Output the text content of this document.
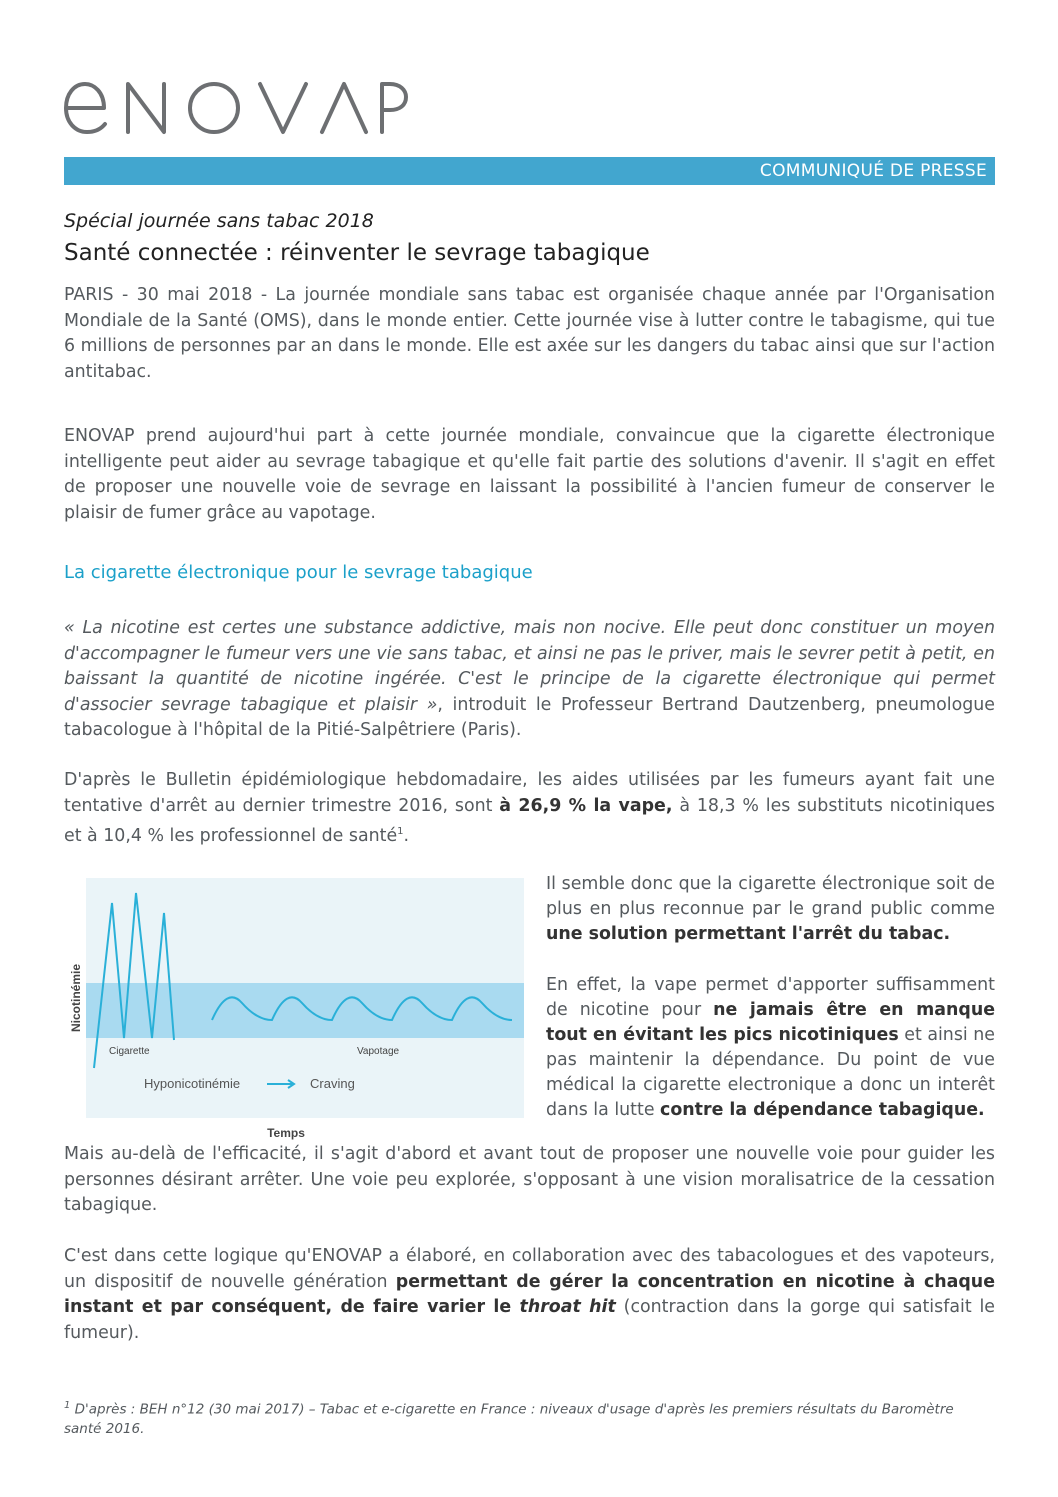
COMMUNIQUÉ DE PRESSE
Spécial journée sans tabac 2018
Santé connectée : réinventer le sevrage tabagique

PARIS - 30 mai 2018 - La journée mondiale sans tabac est organisée chaque année par l'Organisation Mondiale de la Santé (OMS), dans le monde entier. Cette journée vise à lutter contre le tabagisme, qui tue 6 millions de personnes par an dans le monde. Elle est axée sur les dangers du tabac ainsi que sur l'action antitabac.

ENOVAP prend aujourd'hui part à cette journée mondiale, convaincue que la cigarette électronique intelligente peut aider au sevrage tabagique et qu'elle fait partie des solutions d'avenir. Il s'agit en effet de proposer une nouvelle voie de sevrage en laissant la possibilité à l'ancien fumeur de conserver le plaisir de fumer grâce au vapotage.

La cigarette électronique pour le sevrage tabagique

« La nicotine est certes une substance addictive, mais non nocive. Elle peut donc constituer un moyen d'accompagner le fumeur vers une vie sans tabac, et ainsi ne pas le priver, mais le sevrer petit à petit, en baissant la quantité de nicotine ingérée. C'est le principe de la cigarette électronique qui permet d'associer sevrage tabagique et plaisir », introduit le Professeur Bertrand Dautzenberg, pneumologue tabacologue à l'hôpital de la Pitié-Salpêtriere (Paris).

D'après le Bulletin épidémiologique hebdomadaire, les aides utilisées par les fumeurs ayant fait une tentative d'arrêt au dernier trimestre 2016, sont à 26,9 % la vape, à 18,3 % les substituts nicotiniques et à 10,4 % les professionnel de santé$^1$.

Nicotinémie
Cigarette	Vapotage
Hyponicotinémie	Craving
Temps

Il semble donc que la cigarette électronique soit de plus en plus reconnue par le grand public comme une solution permettant l'arrêt du tabac.

En effet, la vape permet d'apporter suffisamment de nicotine pour ne jamais être en manque tout en évitant les pics nicotiniques et ainsi ne pas maintenir la dépendance. Du point de vue médical la cigarette electronique a donc un interêt dans la lutte contre la dépendance tabagique.

Mais au-delà de l'efficacité, il s'agit d'abord et avant tout de proposer une nouvelle voie pour guider les personnes désirant arrêter. Une voie peu explorée, s'opposant à une vision moralisatrice de la cessation tabagique.

C'est dans cette logique qu'ENOVAP a élaboré, en collaboration avec des tabacologues et des vapoteurs, un dispositif de nouvelle génération permettant de gérer la concentration en nicotine à chaque instant et par conséquent, de faire varier le throat hit (contraction dans la gorge qui satisfait le fumeur).

$^1$ D'après : BEH n°12 (30 mai 2017) – Tabac et e-cigarette en France : niveaux d'usage d'après les premiers résultats du Baromètre santé 2016.
